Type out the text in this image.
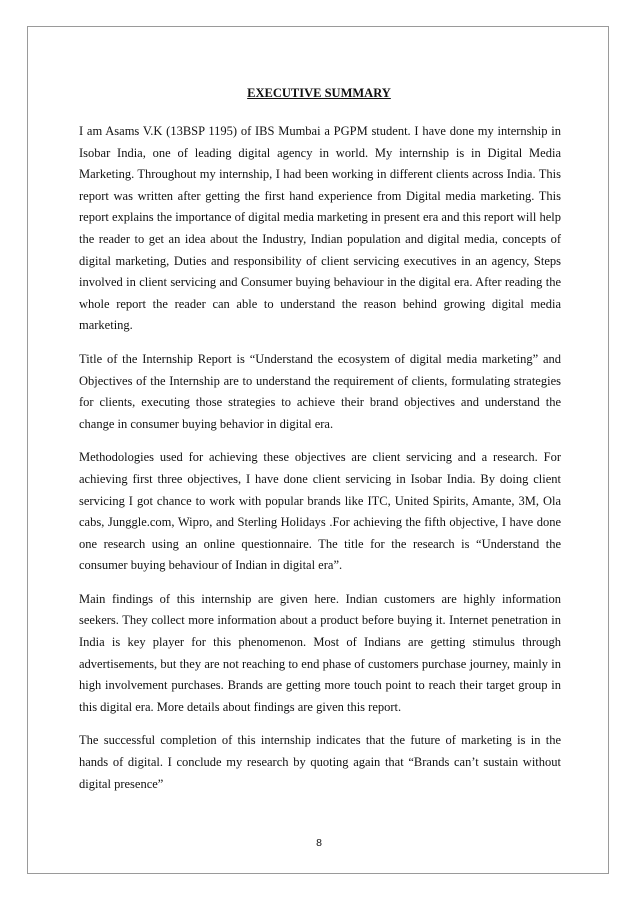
EXECUTIVE SUMMARY

I am Asams V.K (13BSP 1195) of IBS Mumbai a PGPM student. I have done my internship in Isobar India, one of leading digital agency in world. My internship is in Digital Media Marketing. Throughout my internship, I had been working in different clients across India. This report was written after getting the first hand experience from Digital media marketing. This report explains the importance of digital media marketing in present era and this report will help the reader to get an idea about the Industry, Indian population and digital media, concepts of digital marketing, Duties and responsibility of client servicing executives in an agency, Steps involved in client servicing and Consumer buying behaviour in the digital era. After reading the whole report the reader can able to understand the reason behind growing digital media marketing.

Title of the Internship Report is “Understand the ecosystem of digital media marketing” and Objectives of the Internship are to understand the requirement of clients, formulating strategies for clients, executing those strategies to achieve their brand objectives and understand the change in consumer buying behavior in digital era.

Methodologies used for achieving these objectives are client servicing and a research. For achieving first three objectives, I have done client servicing in Isobar India. By doing client servicing I got chance to work with popular brands like ITC, United Spirits, Amante, 3M, Ola cabs, Junggle.com, Wipro, and Sterling Holidays .For achieving the fifth objective, I have done one research using an online questionnaire. The title for the research is “Understand the consumer buying behaviour of Indian in digital era”.

Main findings of this internship are given here. Indian customers are highly information seekers. They collect more information about a product before buying it. Internet penetration in India is key player for this phenomenon. Most of Indians are getting stimulus through advertisements, but they are not reaching to end phase of customers purchase journey, mainly in high involvement purchases. Brands are getting more touch point to reach their target group in this digital era. More details about findings are given this report.

The successful completion of this internship indicates that the future of marketing is in the hands of digital. I conclude my research by quoting again that “Brands can’t sustain without digital presence”

8
